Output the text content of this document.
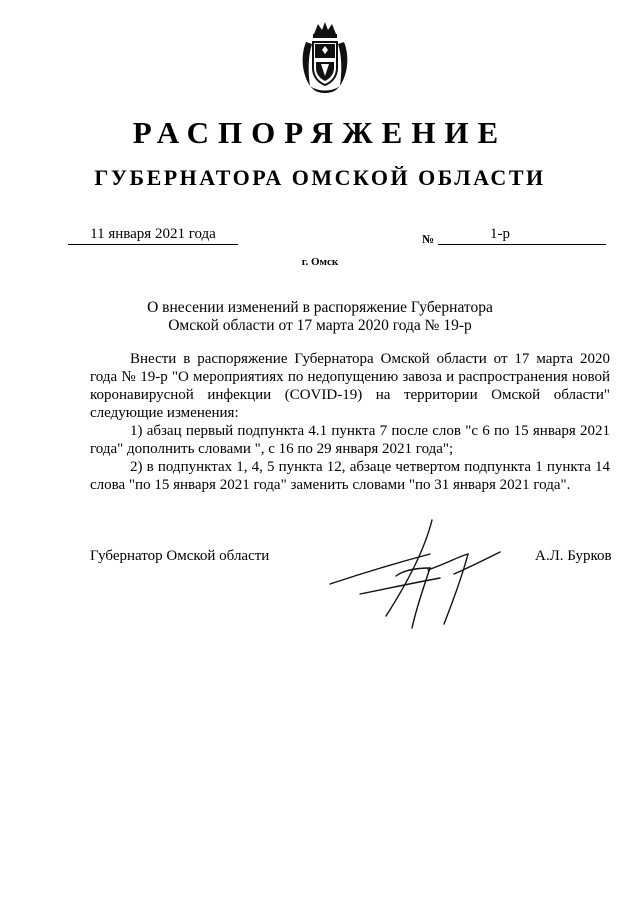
РАСПОРЯЖЕНИЕ
ГУБЕРНАТОРА ОМСКОЙ ОБЛАСТИ
11 января 2021 года	№	1-р
г. Омск
О внесении изменений в распоряжение Губернатора
Омской области от 17 марта 2020 года № 19-р

Внести в распоряжение Губернатора Омской области от 17 марта 2020 года № 19-р "О мероприятиях по недопущению завоза и распространения новой коронавирусной инфекции (COVID-19) на территории Омской области" следующие изменения:

1) абзац первый подпункта 4.1 пункта 7 после слов "с 6 по 15 января 2021 года" дополнить словами ", с 16 по 29 января 2021 года";

2) в подпунктах 1, 4, 5 пункта 12, абзаце четвертом подпункта 1 пункта 14 слова "по 15 января 2021 года" заменить словами "по 31 января 2021 года".

Губернатор Омской области	А.Л. Бурков
